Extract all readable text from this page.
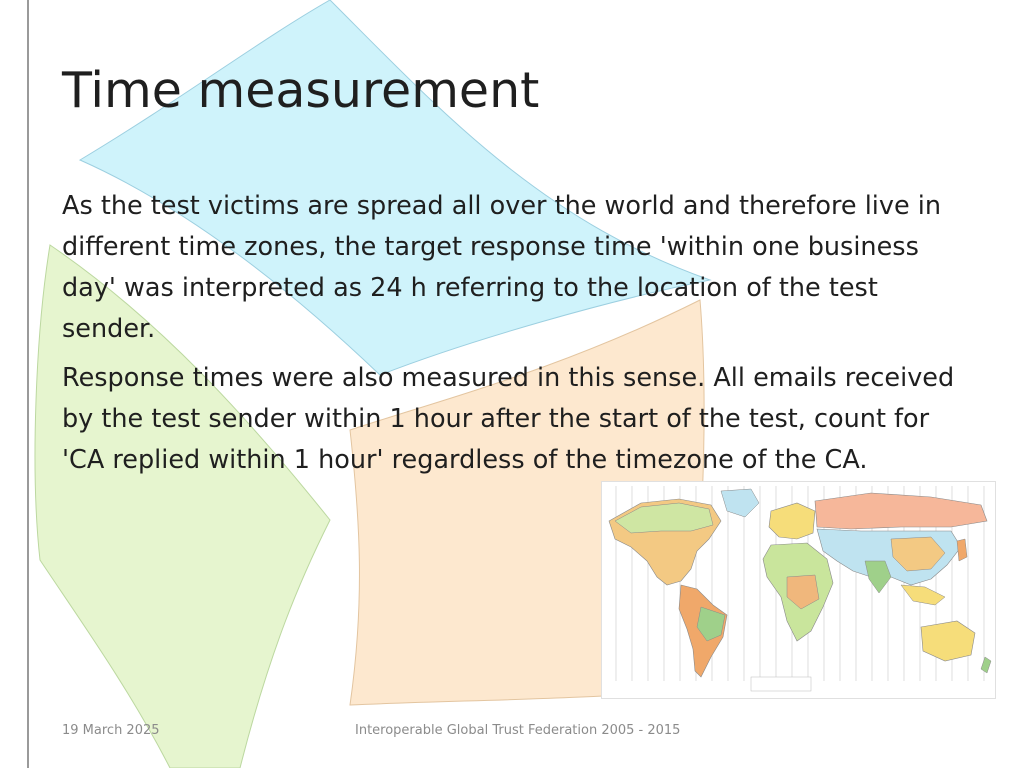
Time measurement

As the test victims are spread all over the world and therefore live in different time zones, the target response time 'within one business day' was interpreted as 24 h referring to the location of the test sender.

Response times were also measured in this sense. All emails received by the test sender within 1 hour after the start of the test, count for 'CA replied within 1 hour' regardless of the timezone of the CA.

19 March 2025	Interoperable Global Trust Federation 2005 - 2015
